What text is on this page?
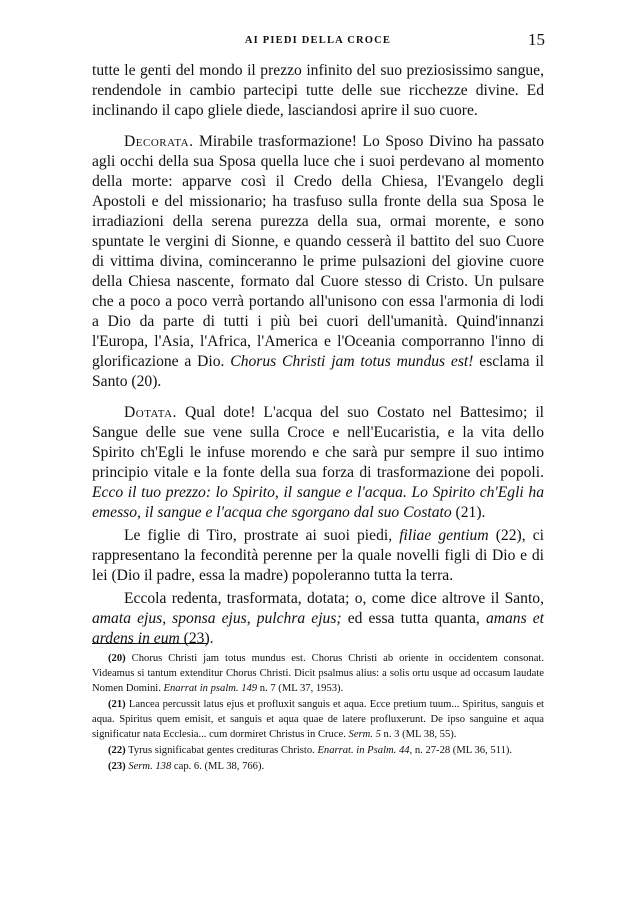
AI PIEDI DELLA CROCE	15

tutte le genti del mondo il prezzo infinito del suo preziosissimo sangue, rendendole in cambio partecipi tutte delle sue ricchezze divine. Ed inclinando il capo gliele diede, lasciandosi aprire il suo cuore.

Decorata. Mirabile trasformazione! Lo Sposo Divino ha passato agli occhi della sua Sposa quella luce che i suoi perdevano al momento della morte: apparve così il Credo della Chiesa, l'Evangelo degli Apostoli e del missionario; ha trasfuso sulla fronte della sua Sposa le irradiazioni della serena purezza della sua, ormai morente, e sono spuntate le vergini di Sionne, e quando cesserà il battito del suo Cuore di vittima divina, cominceranno le prime pulsazioni del giovine cuore della Chiesa nascente, formato dal Cuore stesso di Cristo. Un pulsare che a poco a poco verrà portando all'unisono con essa l'armonia di lodi a Dio da parte di tutti i più bei cuori dell'umanità. Quind'innanzi l'Europa, l'Asia, l'Africa, l'America e l'Oceania comporranno l'inno di glorificazione a Dio. Chorus Christi jam totus mundus est! esclama il Santo (20).

Dotata. Qual dote! L'acqua del suo Costato nel Battesimo; il Sangue delle sue vene sulla Croce e nell'Eucaristia, e la vita dello Spirito ch'Egli le infuse morendo e che sarà pur sempre il suo intimo principio vitale e la fonte della sua forza di trasformazione dei popoli. Ecco il tuo prezzo: lo Spirito, il sangue e l'acqua. Lo Spirito ch'Egli ha emesso, il sangue e l'acqua che sgorgano dal suo Costato (21).

Le figlie di Tiro, prostrate ai suoi piedi, filiae gentium (22), ci rappresentano la fecondità perenne per la quale novelli figli di Dio e di lei (Dio il padre, essa la madre) popoleranno tutta la terra.

Eccola redenta, trasformata, dotata; o, come dice altrove il Santo, amata ejus, sponsa ejus, pulchra ejus; ed essa tutta quanta, amans et ardens in eum (23).

(20) Chorus Christi jam totus mundus est. Chorus Christi ab oriente in occidentem consonat. Videamus si tantum extenditur Chorus Christi. Dicit psalmus alius: a solis ortu usque ad occasum laudate Nomen Domini. Enarrat in psalm. 149 n. 7 (ML 37, 1953).

(21) Lancea percussit latus ejus et profluxit sanguis et aqua. Ecce pretium tuum... Spiritus, sanguis et aqua. Spiritus quem emisit, et sanguis et aqua quae de latere profluxerunt. De ipso sanguine et aqua significatur nata Ecclesia... cum dormiret Christus in Cruce. Serm. 5 n. 3 (ML 38, 55).

(22) Tyrus significabat gentes credituras Christo. Enarrat. in Psalm. 44, n. 27-28 (ML 36, 511).

(23) Serm. 138 cap. 6. (ML 38, 766).
